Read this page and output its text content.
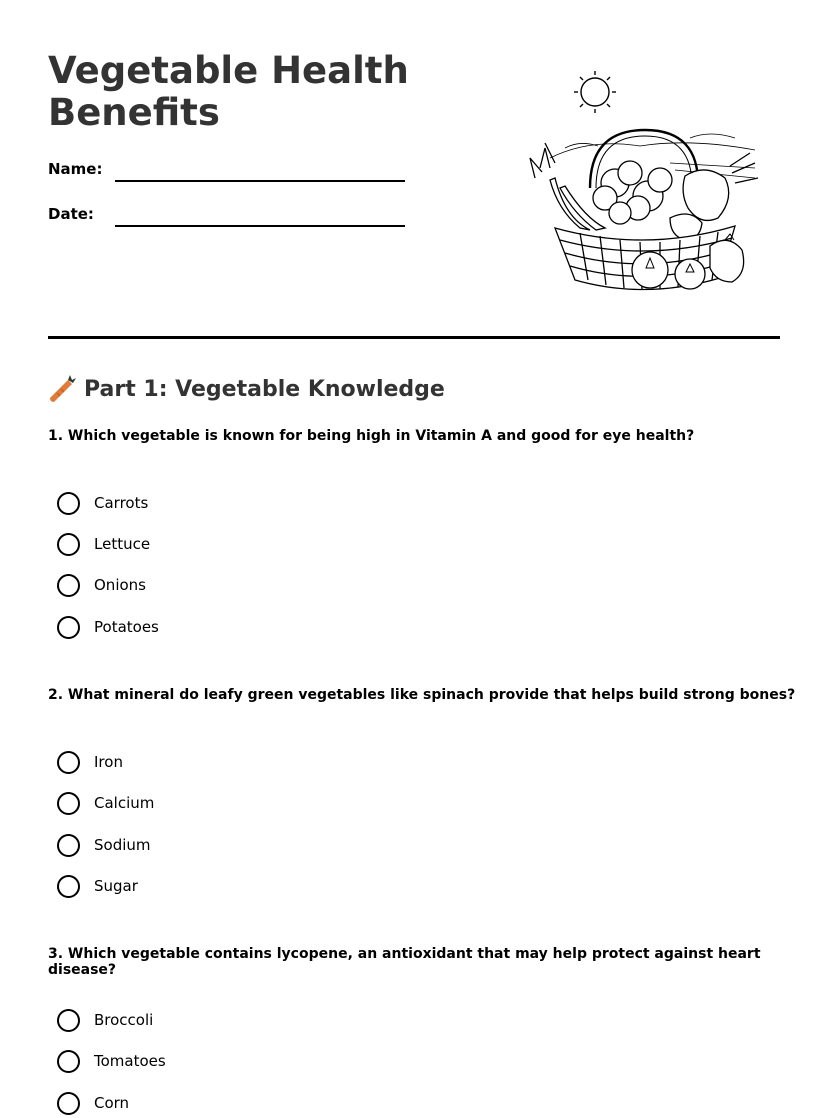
Vegetable Health Benefits
Name:
Date:
Part 1: Vegetable Knowledge

1. Which vegetable is known for being high in Vitamin A and good for eye health?

Carrots
Lettuce
Onions
Potatoes

2. What mineral do leafy green vegetables like spinach provide that helps build strong bones?

Iron
Calcium
Sodium
Sugar

3. Which vegetable contains lycopene, an antioxidant that may help protect against heart disease?

Broccoli
Tomatoes
Corn
